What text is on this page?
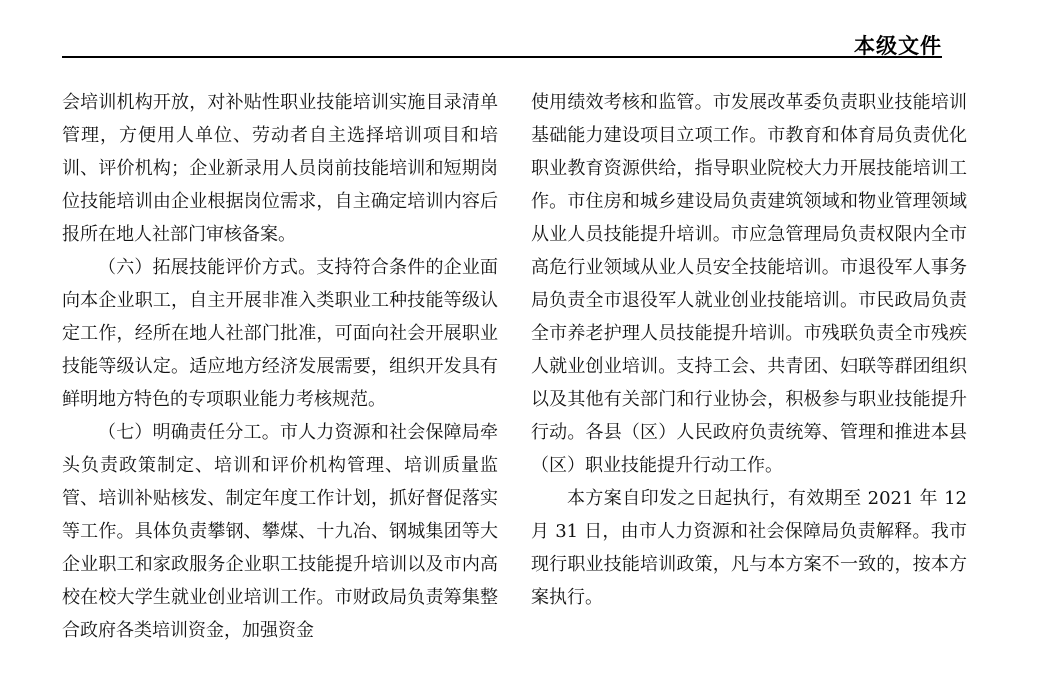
本级文件

会培训机构开放，对补贴性职业技能培训实施目录清单管理，方便用人单位、劳动者自主选择培训项目和培训、评价机构；企业新录用人员岗前技能培训和短期岗位技能培训由企业根据岗位需求，自主确定培训内容后报所在地人社部门审核备案。

（六）拓展技能评价方式。支持符合条件的企业面向本企业职工，自主开展非准入类职业工种技能等级认定工作，经所在地人社部门批准，可面向社会开展职业技能等级认定。适应地方经济发展需要，组织开发具有鲜明地方特色的专项职业能力考核规范。

（七）明确责任分工。市人力资源和社会保障局牵头负责政策制定、培训和评价机构管理、培训质量监管、培训补贴核发、制定年度工作计划，抓好督促落实等工作。具体负责攀钢、攀煤、十九冶、钢城集团等大企业职工和家政服务企业职工技能提升培训以及市内高校在校大学生就业创业培训工作。市财政局负责筹集整合政府各类培训资金，加强资金

使用绩效考核和监管。市发展改革委负责职业技能培训基础能力建设项目立项工作。市教育和体育局负责优化职业教育资源供给，指导职业院校大力开展技能培训工作。市住房和城乡建设局负责建筑领域和物业管理领域从业人员技能提升培训。市应急管理局负责权限内全市高危行业领域从业人员安全技能培训。市退役军人事务局负责全市退役军人就业创业技能培训。市民政局负责全市养老护理人员技能提升培训。市残联负责全市残疾人就业创业培训。支持工会、共青团、妇联等群团组织以及其他有关部门和行业协会，积极参与职业技能提升行动。各县（区）人民政府负责统筹、管理和推进本县（区）职业技能提升行动工作。

本方案自印发之日起执行，有效期至 2021 年 12 月 31 日，由市人力资源和社会保障局负责解释。我市现行职业技能培训政策，凡与本方案不一致的，按本方案执行。
